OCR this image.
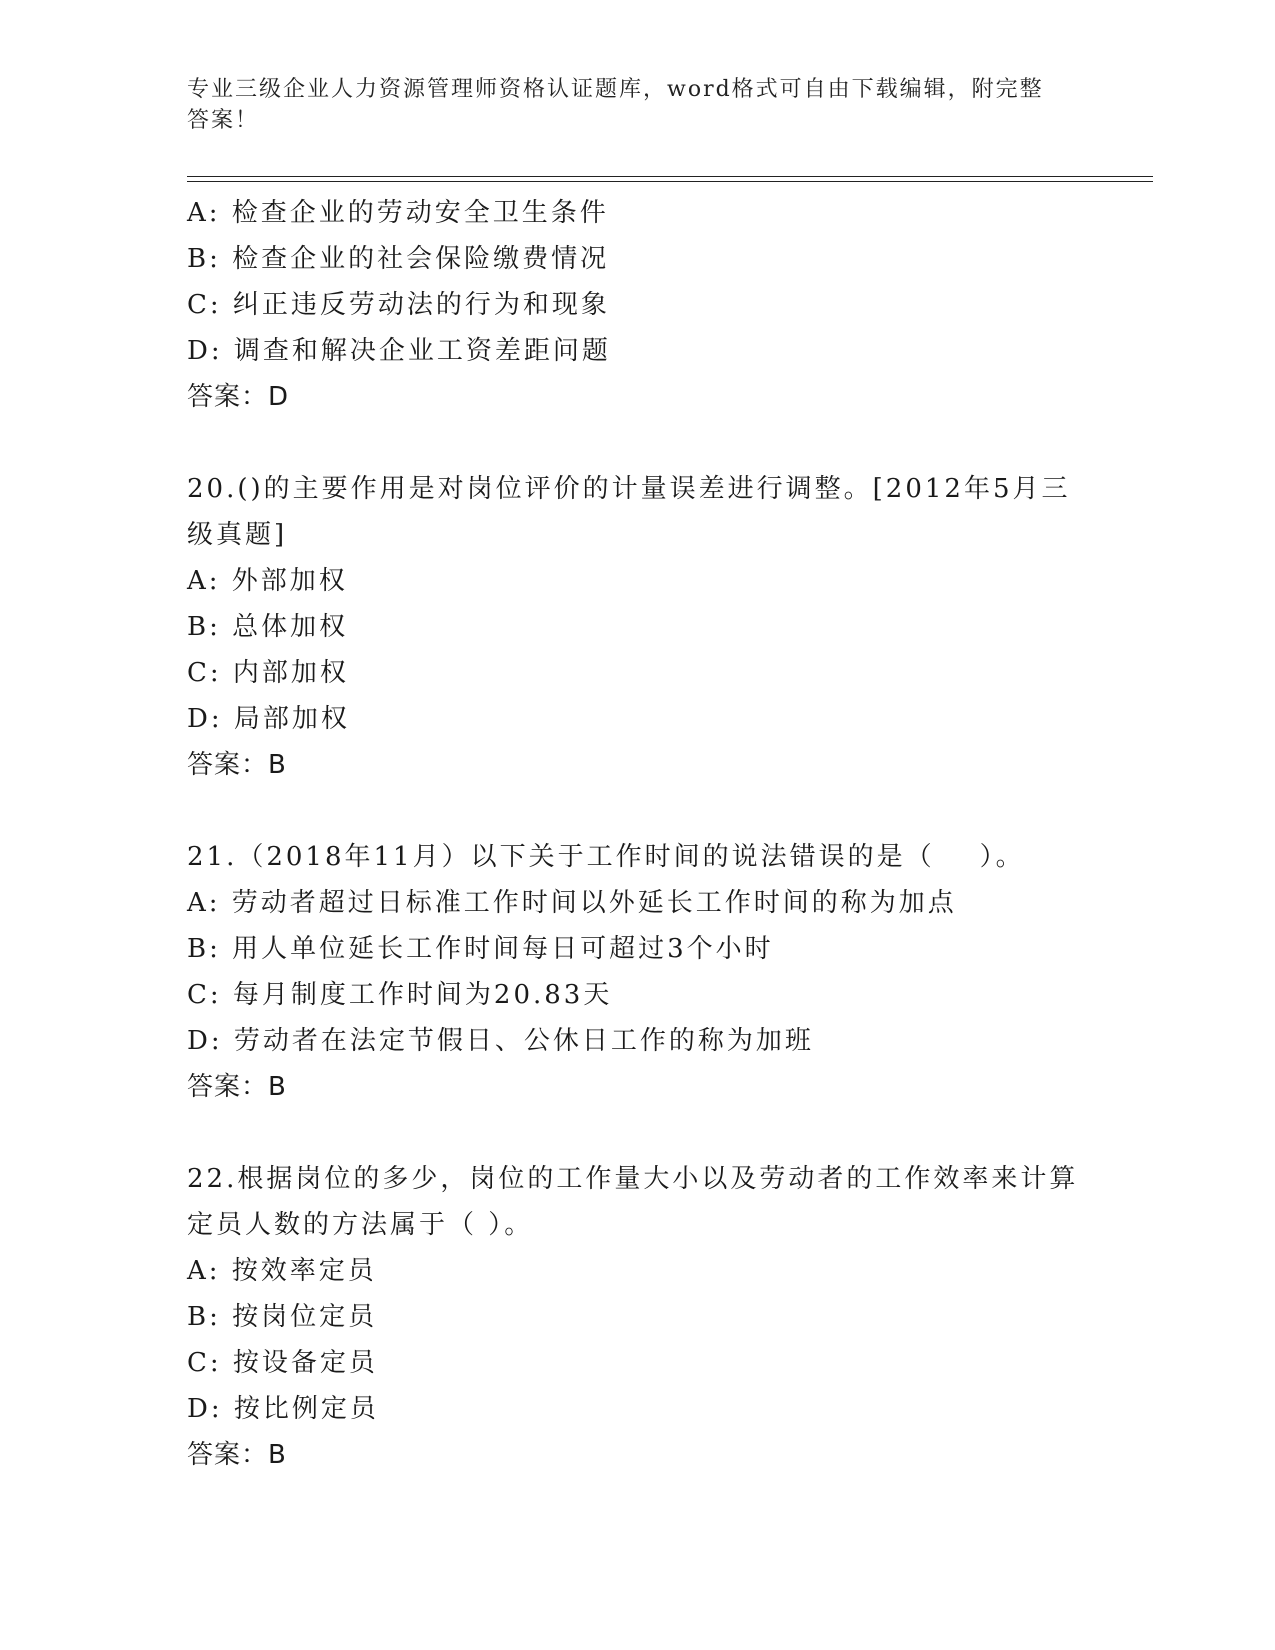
专业三级企业人力资源管理师资格认证题库，word格式可自由下载编辑，附完整答案！
A: 检查企业的劳动安全卫生条件
B: 检查企业的社会保险缴费情况
C: 纠正违反劳动法的行为和现象
D: 调查和解决企业工资差距问题
答案：D
20.()的主要作用是对岗位评价的计量误差进行调整。[2012年5月三
级真题]
A: 外部加权
B: 总体加权
C: 内部加权
D: 局部加权
答案：B
21.（2018年11月）以下关于工作时间的说法错误的是（    ）。
A: 劳动者超过日标准工作时间以外延长工作时间的称为加点
B: 用人单位延长工作时间每日可超过3个小时
C: 每月制度工作时间为20.83天
D: 劳动者在法定节假日、公休日工作的称为加班
答案：B
22.根据岗位的多少，岗位的工作量大小以及劳动者的工作效率来计算
定员人数的方法属于（ ）。
A: 按效率定员
B: 按岗位定员
C: 按设备定员
D: 按比例定员
答案：B
